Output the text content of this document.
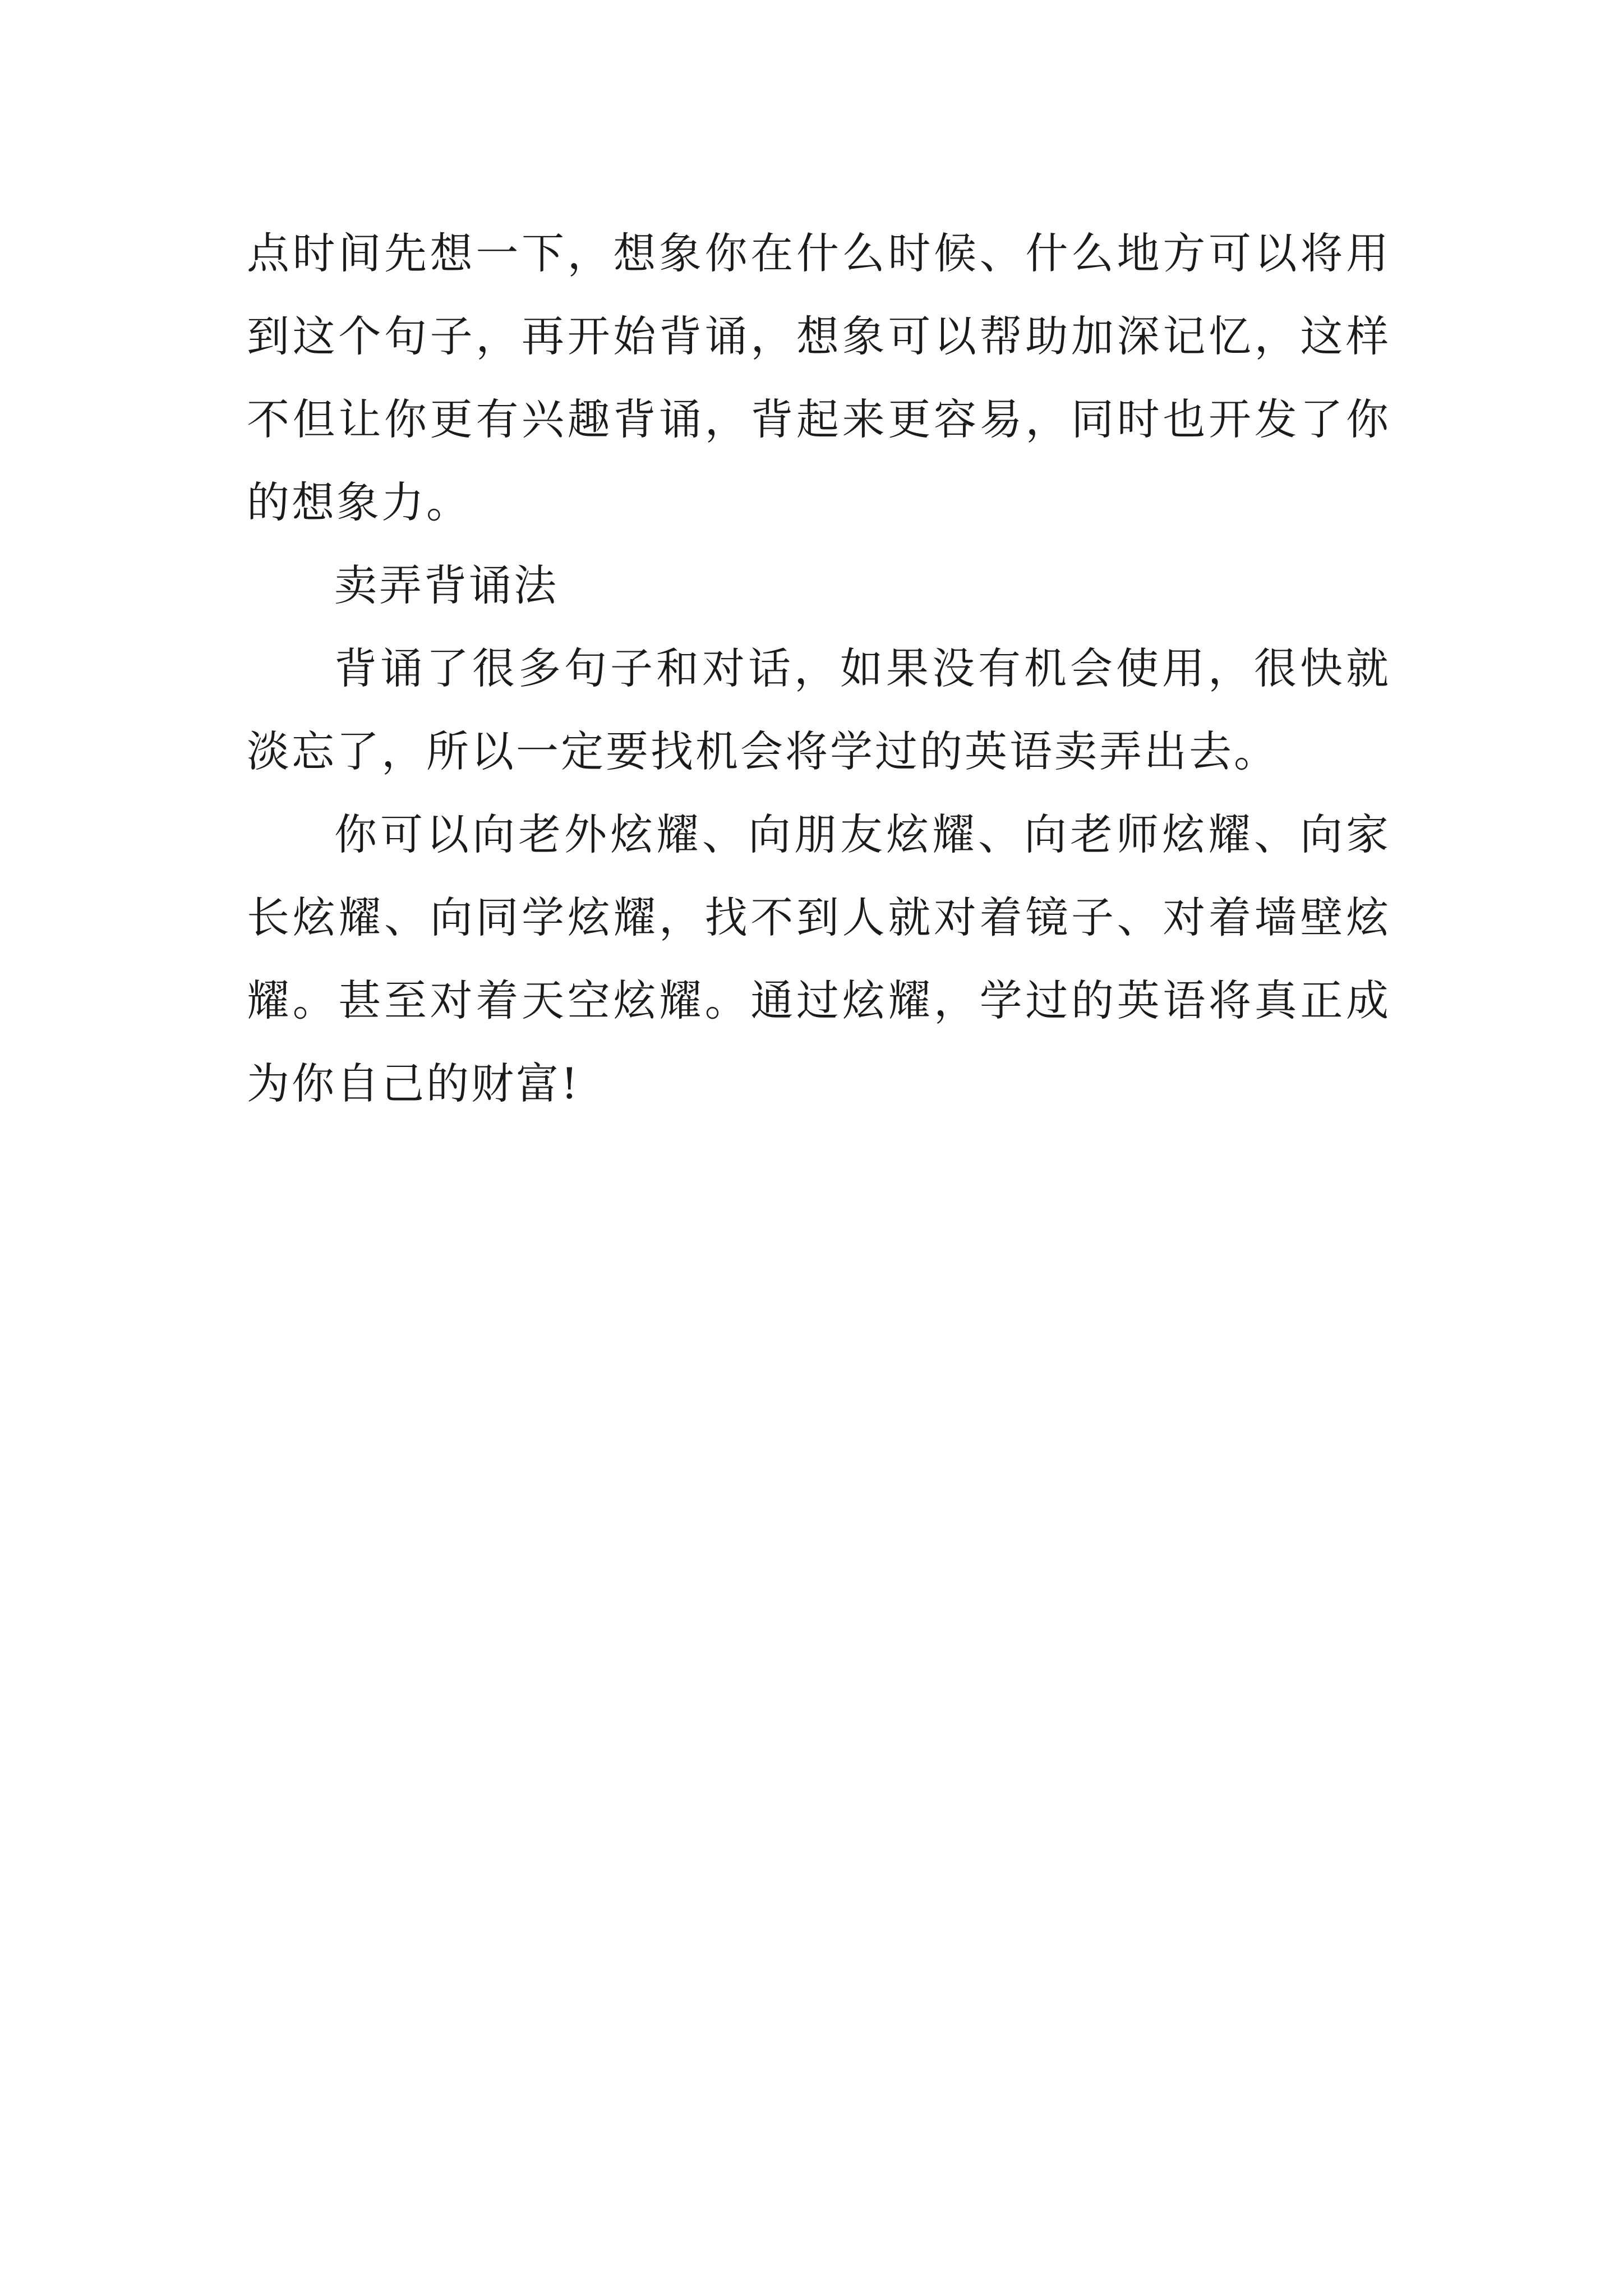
点时间先想一下，想象你在什么时候、什么地方可以将用到这个句子，再开始背诵，想象可以帮助加深记忆，这样不但让你更有兴趣背诵，背起来更容易，同时也开发了你的想象力。

卖弄背诵法

背诵了很多句子和对话，如果没有机会使用，很快就淡忘了，所以一定要找机会将学过的英语卖弄出去。

你可以向老外炫耀、向朋友炫耀、向老师炫耀、向家长炫耀、向同学炫耀，找不到人就对着镜子、对着墙壁炫耀。甚至对着天空炫耀。通过炫耀，学过的英语将真正成为你自己的财富!
